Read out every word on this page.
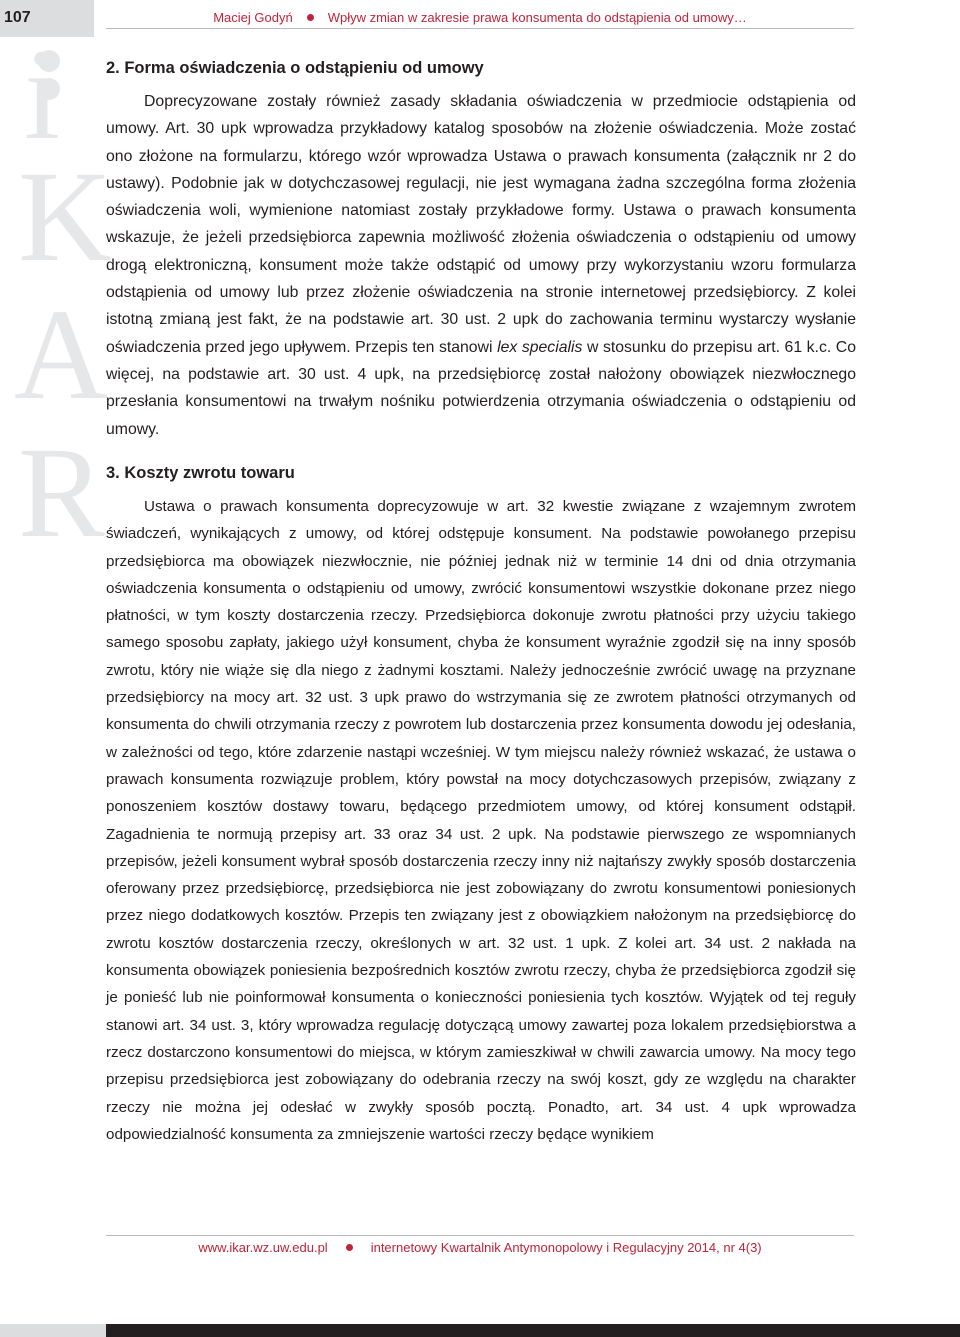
107	Maciej Godyń	Wpływ zmian w zakresie prawa konsumenta do odstąpienia od umowy…
i
K
A
R
2. Forma oświadczenia o odstąpieniu od umowy

Doprecyzowane zostały również zasady składania oświadczenia w przedmiocie odstąpienia od umowy. Art. 30 upk wprowadza przykładowy katalog sposobów na złożenie oświadczenia. Może zostać ono złożone na formularzu, którego wzór wprowadza Ustawa o prawach konsumenta (załącznik nr 2 do ustawy). Podobnie jak w dotychczasowej regulacji, nie jest wymagana żadna szczególna forma złożenia oświadczenia woli, wymienione natomiast zostały przykładowe formy. Ustawa o prawach konsumenta wskazuje, że jeżeli przedsiębiorca zapewnia możliwość złożenia oświadczenia o odstąpieniu od umowy drogą elektroniczną, konsument może także odstąpić od umowy przy wykorzystaniu wzoru formularza odstąpienia od umowy lub przez złożenie oświadczenia na stronie internetowej przedsiębiorcy. Z kolei istotną zmianą jest fakt, że na podstawie art. 30 ust. 2 upk do zachowania terminu wystarczy wysłanie oświadczenia przed jego upływem. Przepis ten stanowi lex specialis w stosunku do przepisu art. 61 k.c. Co więcej, na podstawie art. 30 ust. 4 upk, na przedsiębiorcę został nałożony obowiązek niezwłocznego przesłania konsumentowi na trwałym nośniku potwierdzenia otrzymania oświadczenia o odstąpieniu od umowy.

3. Koszty zwrotu towaru

Ustawa o prawach konsumenta doprecyzowuje w art. 32 kwestie związane z wzajemnym zwrotem świadczeń, wynikających z umowy, od której odstępuje konsument. Na podstawie powołanego przepisu przedsiębiorca ma obowiązek niezwłocznie, nie później jednak niż w terminie 14 dni od dnia otrzymania oświadczenia konsumenta o odstąpieniu od umowy, zwrócić konsumentowi wszystkie dokonane przez niego płatności, w tym koszty dostarczenia rzeczy. Przedsiębiorca dokonuje zwrotu płatności przy użyciu takiego samego sposobu zapłaty, jakiego użył konsument, chyba że konsument wyraźnie zgodził się na inny sposób zwrotu, który nie wiąże się dla niego z żadnymi kosztami. Należy jednocześnie zwrócić uwagę na przyznane przedsiębiorcy na mocy art. 32 ust. 3 upk prawo do wstrzymania się ze zwrotem płatności otrzymanych od konsumenta do chwili otrzymania rzeczy z powrotem lub dostarczenia przez konsumenta dowodu jej odesłania, w zależności od tego, które zdarzenie nastąpi wcześniej. W tym miejscu należy również wskazać, że ustawa o prawach konsumenta rozwiązuje problem, który powstał na mocy dotychczasowych przepisów, związany z ponoszeniem kosztów dostawy towaru, będącego przedmiotem umowy, od której konsument odstąpił. Zagadnienia te normują przepisy art. 33 oraz 34 ust. 2 upk. Na podstawie pierwszego ze wspomnianych przepisów, jeżeli konsument wybrał sposób dostarczenia rzeczy inny niż najtańszy zwykły sposób dostarczenia oferowany przez przedsiębiorcę, przedsiębiorca nie jest zobowiązany do zwrotu konsumentowi poniesionych przez niego dodatkowych kosztów. Przepis ten związany jest z obowiązkiem nałożonym na przedsiębiorcę do zwrotu kosztów dostarczenia rzeczy, określonych w art. 32 ust. 1 upk. Z kolei art. 34 ust. 2 nakłada na konsumenta obowiązek poniesienia bezpośrednich kosztów zwrotu rzeczy, chyba że przedsiębiorca zgodził się je ponieść lub nie poinformował konsumenta o konieczności poniesienia tych kosztów. Wyjątek od tej reguły stanowi art. 34 ust. 3, który wprowadza regulację dotyczącą umowy zawartej poza lokalem przedsiębiorstwa a rzecz dostarczono konsumentowi do miejsca, w którym zamieszkiwał w chwili zawarcia umowy. Na mocy tego przepisu przedsiębiorca jest zobowiązany do odebrania rzeczy na swój koszt, gdy ze względu na charakter rzeczy nie można jej odesłać w zwykły sposób pocztą. Ponadto, art. 34 ust. 4 upk wprowadza odpowiedzialność konsumenta za zmniejszenie wartości rzeczy będące wynikiem

www.ikar.wz.uw.edu.pl	internetowy Kwartalnik Antymonopolowy i Regulacyjny 2014, nr 4(3)
